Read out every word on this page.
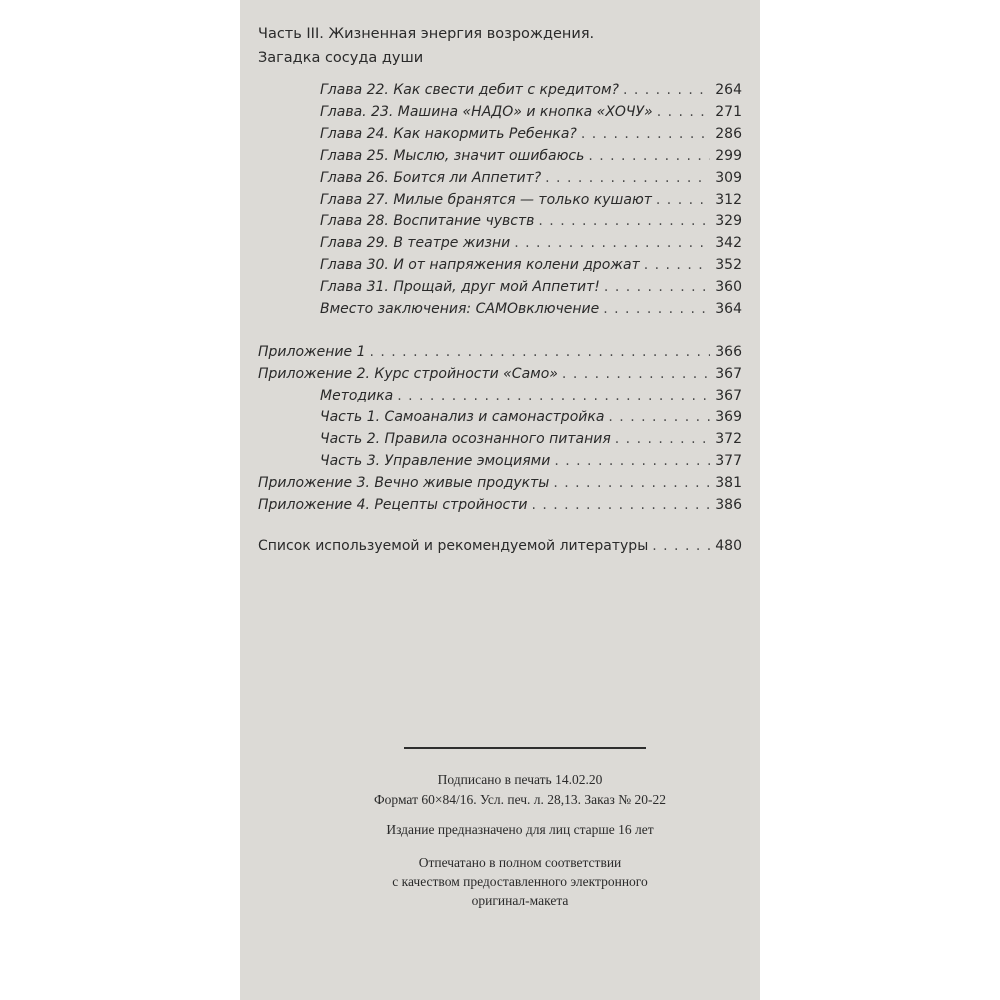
Часть III. Жизненная энергия возрождения.
Загадка сосуда души
Глава 22. Как свести дебит с кредитом? . . .	264
Глава. 23. Машина «НАДО» и кнопка «ХОЧУ» . . .	271
Глава 24. Как накормить Ребенка? . . .	286
Глава 25. Мыслю, значит ошибаюсь . . .	299
Глава 26. Боится ли Аппетит? . . .	309
Глава 27. Милые бранятся — только кушают . . .	312
Глава 28. Воспитание чувств . . .	329
Глава 29. В театре жизни . . .	342
Глава 30. И от напряжения колени дрожат . . .	352
Глава 31. Прощай, друг мой Аппетит! . . .	360
Вместо заключения: САМОвключение . . .	364
Приложение 1 . . .	366
Приложение 2. Курс стройности «Само» . . .	367
Методика . . .	367
Часть 1. Самоанализ и самонастройка . . .	369
Часть 2. Правила осознанного питания . . .	372
Часть 3. Управление эмоциями . . .	377
Приложение 3. Вечно живые продукты . . .	381
Приложение 4. Рецепты стройности . . .	386
Список используемой и рекомендуемой литературы . . .	480
Подписано в печать 14.02.20
Формат 60×84/16. Усл. печ. л. 28,13. Заказ № 20-22
Издание предназначено для лиц старше 16 лет
Отпечатано в полном соответствии
с качеством предоставленного электронного
оригинал-макета
